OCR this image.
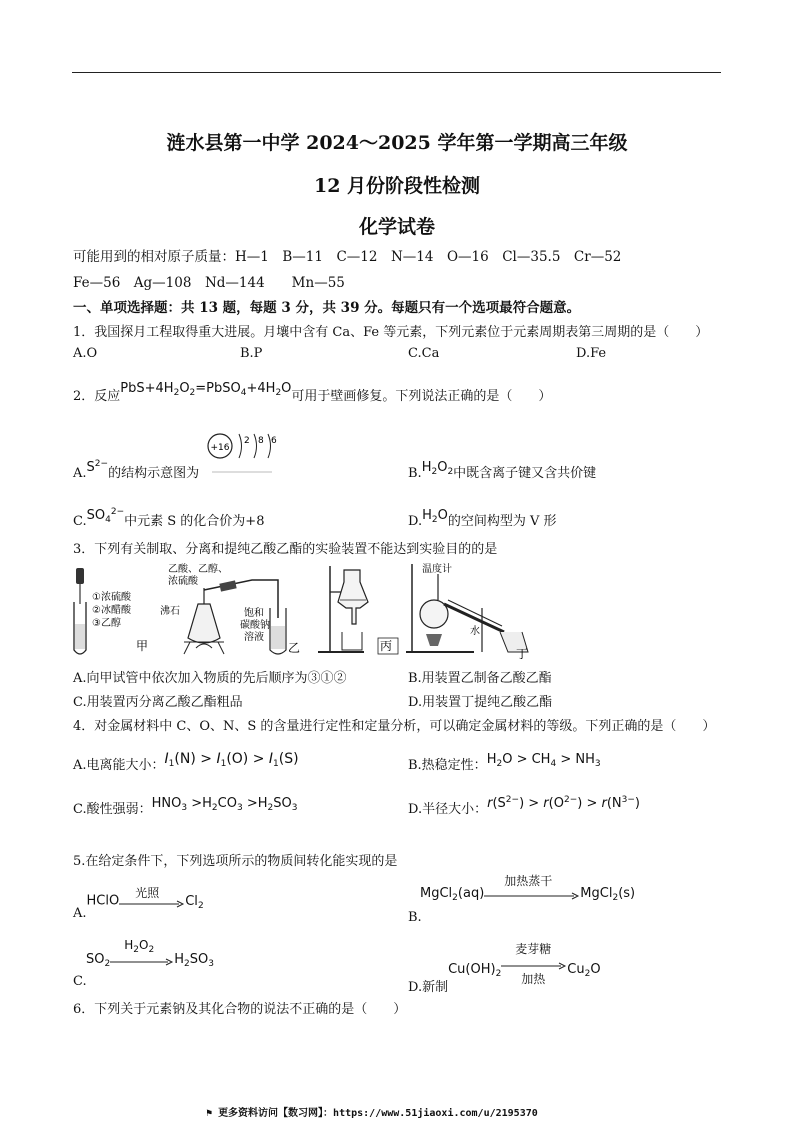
涟水县第一中学 2024～2025 学年第一学期高三年级
12 月份阶段性检测
化学试卷
可能用到的相对原子质量：H—1　B—11　C—12　N—14　O—16　Cl—35.5　Cr—52
Fe—56　Ag—108　Nd—144　　Mn—55
一、单项选择题：共 13 题，每题 3 分，共 39 分。每题只有一个选项最符合题意。
1．我国探月工程取得重大进展。月壤中含有 Ca、Fe 等元素，下列元素位于元素周期表第三周期的是（　　）
A.O	B.P	C.Ca	D.Fe
2．反应$PbS+4H_2O_2=PbSO_4+4H_2O$可用于壁画修复。下列说法正确的是（　　）
$A.S^{2-}$的结构示意图为
+16
2 8 6
$B.H_2O_2$中既含离子键又含共价键
$C.SO_4^{2-}$中元素 S 的化合价为+8	$D.H_2O$的空间构型为 V 形
3．下列有关制取、分离和提纯乙酸乙酯的实验装置不能达到实验目的的是
①浓硫酸
②冰醋酸
③乙醇
甲
乙酸、乙醇、
浓硫酸
沸石	饱和
碳酸钠
溶液
乙	丙
温度计
水
丁
A.向甲试管中依次加入物质的先后顺序为③①②	B.用装置乙制备乙酸乙酯
C.用装置丙分离乙酸乙酯粗品	D.用装置丁提纯乙酸乙酯
4．对金属材料中 C、O、N、S 的含量进行定性和定量分析，可以确定金属材料的等级。下列正确的是（　　）
A.电离能大小：$I_1(N) > I_1(O) > I_1(S)$	B.热稳定性：$H_2O > CH_4 > NH_3$
C.酸性强弱：$HNO_3 >H_2CO_3 >H_2SO_3$	D.半径大小：$r(S^{2-}) > r(O^{2-}) > r(N^{3-})$
5.在给定条件下，下列选项所示的物质间转化能实现的是
A.HClO
光照
$Cl_2$
MgCl$_2$(aq)
加热蒸干
MgCl$_2$(s)
B.
$SO_2$
$H_2O_2$
$H_2SO_3$
C.	D.新制$Cu(OH)_2$
麦芽糖
加热
$Cu_2O$
6．下列关于元素钠及其化合物的说法不正确的是（　　）
⚑ 更多资料访问【数习网】：https://www.51jiaoxi.com/u/2195370
